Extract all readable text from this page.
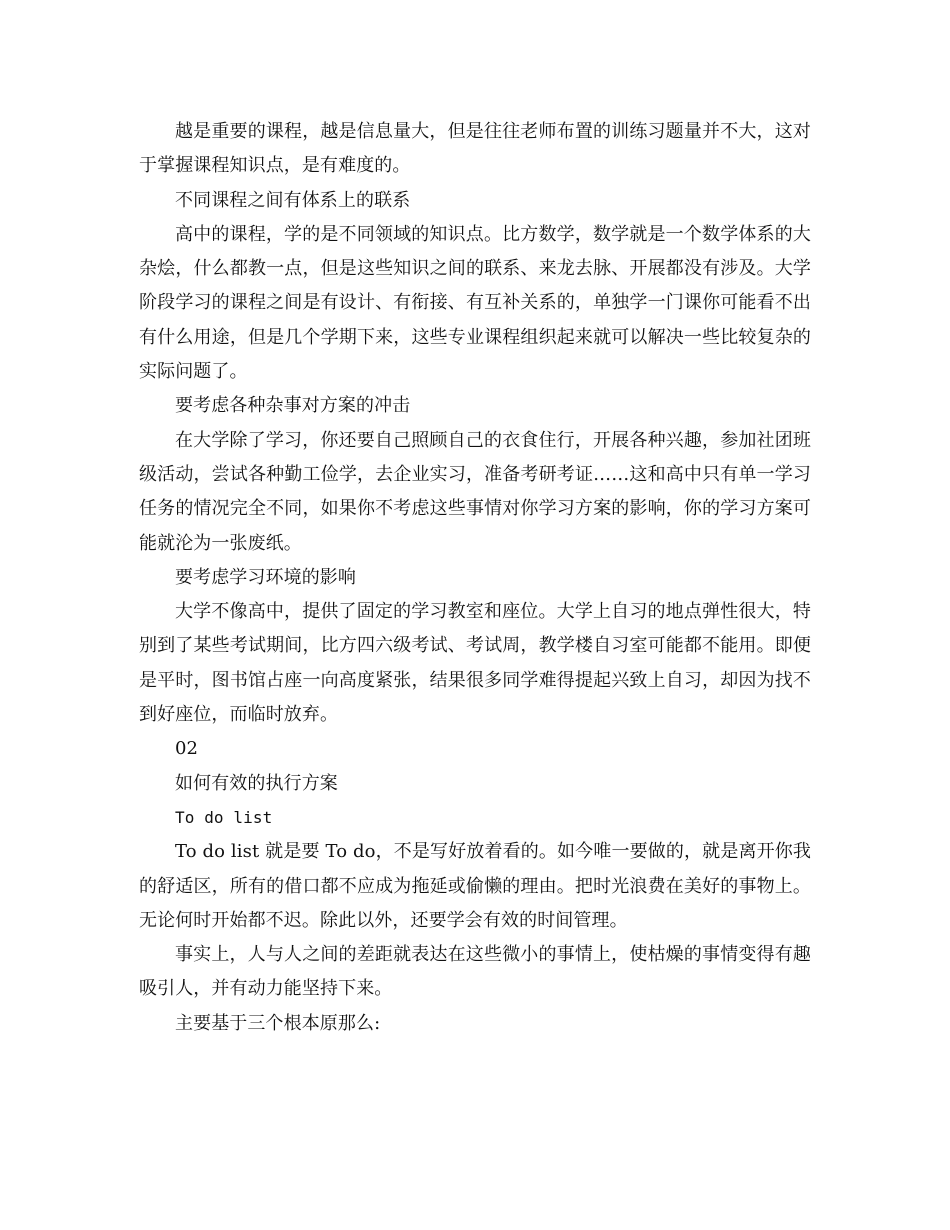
越是重要的课程，越是信息量大，但是往往老师布置的训练习题量并不大，这对于掌握课程知识点，是有难度的。

不同课程之间有体系上的联系

高中的课程，学的是不同领域的知识点。比方数学，数学就是一个数学体系的大杂烩，什么都教一点，但是这些知识之间的联系、来龙去脉、开展都没有涉及。大学阶段学习的课程之间是有设计、有衔接、有互补关系的，单独学一门课你可能看不出有什么用途，但是几个学期下来，这些专业课程组织起来就可以解决一些比较复杂的实际问题了。

要考虑各种杂事对方案的冲击

在大学除了学习，你还要自己照顾自己的衣食住行，开展各种兴趣，参加社团班级活动，尝试各种勤工俭学，去企业实习，准备考研考证……这和高中只有单一学习任务的情况完全不同，如果你不考虑这些事情对你学习方案的影响，你的学习方案可能就沦为一张废纸。

要考虑学习环境的影响

大学不像高中，提供了固定的学习教室和座位。大学上自习的地点弹性很大，特别到了某些考试期间，比方四六级考试、考试周，教学楼自习室可能都不能用。即便是平时，图书馆占座一向高度紧张，结果很多同学难得提起兴致上自习，却因为找不到好座位，而临时放弃。

02

如何有效的执行方案

To do list

To do list 就是要 To do，不是写好放着看的。如今唯一要做的，就是离开你我的舒适区，所有的借口都不应成为拖延或偷懒的理由。把时光浪费在美好的事物上。无论何时开始都不迟。除此以外，还要学会有效的时间管理。

事实上，人与人之间的差距就表达在这些微小的事情上，使枯燥的事情变得有趣吸引人，并有动力能坚持下来。

主要基于三个根本原那么:
